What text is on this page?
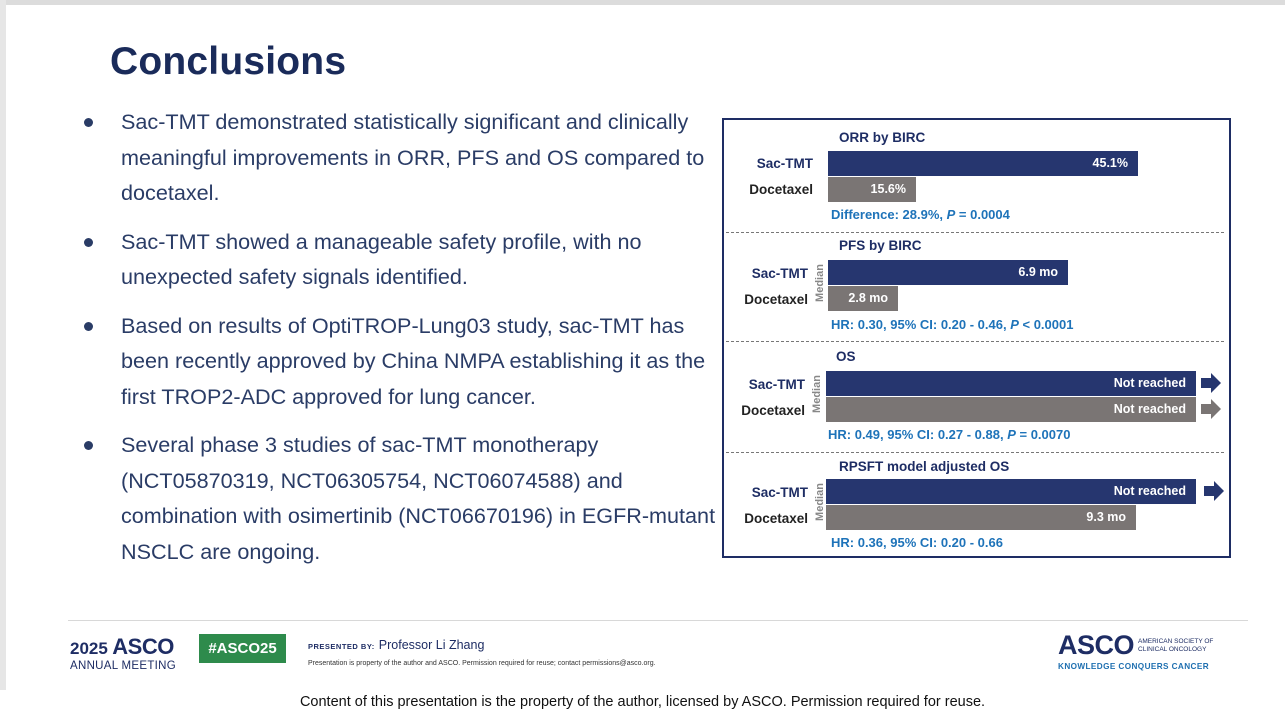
Conclusions
Sac-TMT demonstrated statistically significant and clinically meaningful improvements in ORR, PFS and OS compared to docetaxel.
Sac-TMT showed a manageable safety profile, with no unexpected safety signals identified.
Based on results of OptiTROP-Lung03 study, sac-TMT has been recently approved by China NMPA establishing it as the first TROP2-ADC approved for lung cancer.
Several phase 3 studies of sac-TMT monotherapy (NCT05870319, NCT06305754, NCT06074588) and combination with osimertinib (NCT06670196) in EGFR-mutant NSCLC are ongoing.
ORR by BIRC
Sac-TMT	45.1%
Docetaxel	15.6%
Difference: 28.9%, P = 0.0004
PFS by BIRC
Sac-TMT Median	6.9 mo
Docetaxel	2.8 mo
HR: 0.30, 95% CI: 0.20 - 0.46, P < 0.0001
OS
Sac-TMT Median	Not reached
Docetaxel	Not reached
HR: 0.49, 95% CI: 0.27 - 0.88, P = 0.0070
RPSFT model adjusted OS
Sac-TMT Median	Not reached
Docetaxel	9.3 mo
HR: 0.36, 95% CI: 0.20 - 0.66
2025 ASCO
ANNUAL MEETING
#ASCO25	PRESENTED BY: Professor Li Zhang
Presentation is property of the author and ASCO. Permission required for reuse; contact permissions@asco.org.
ASCO AMERICAN SOCIETY OF
CLINICAL ONCOLOGY
KNOWLEDGE CONQUERS CANCER
Content of this presentation is the property of the author, licensed by ASCO. Permission required for reuse.
